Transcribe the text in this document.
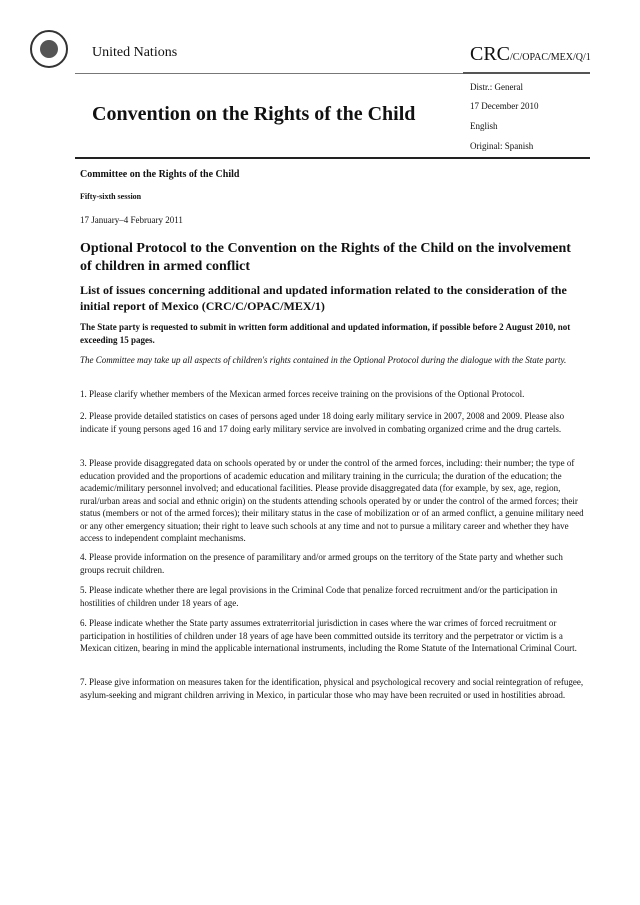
United Nations	CRC/C/OPAC/MEX/Q/1
Distr.: General
17 December 2010
English
Original: Spanish
Convention on the Rights of the Child
Committee on the Rights of the Child
Fifty-sixth session
17 January–4 February 2011
Optional Protocol to the Convention on the Rights of the Child on the involvement of children in armed conflict
List of issues concerning additional and updated information related to the consideration of the initial report of Mexico (CRC/C/OPAC/MEX/1)
The State party is requested to submit in written form additional and updated information, if possible before 2 August 2010, not exceeding 15 pages.
The Committee may take up all aspects of children's rights contained in the Optional Protocol during the dialogue with the State party.
1. Please clarify whether members of the Mexican armed forces receive training on the provisions of the Optional Protocol.
2. Please provide detailed statistics on cases of persons aged under 18 doing early military service in 2007, 2008 and 2009. Please also indicate if young persons aged 16 and 17 doing early military service are involved in combating organized crime and the drug cartels.
3. Please provide disaggregated data on schools operated by or under the control of the armed forces, including: their number; the type of education provided and the proportions of academic education and military training in the curricula; the duration of the education; the academic/military personnel involved; and educational facilities. Please provide disaggregated data (for example, by sex, age, region, rural/urban areas and social and ethnic origin) on the students attending schools operated by or under the control of the armed forces; their status (members or not of the armed forces); their military status in the case of mobilization or of an armed conflict, a genuine military need or any other emergency situation; their right to leave such schools at any time and not to pursue a military career and whether they have access to independent complaint mechanisms.
4. Please provide information on the presence of paramilitary and/or armed groups on the territory of the State party and whether such groups recruit children.
5. Please indicate whether there are legal provisions in the Criminal Code that penalize forced recruitment and/or the participation in hostilities of children under 18 years of age.
6. Please indicate whether the State party assumes extraterritorial jurisdiction in cases where the war crimes of forced recruitment or participation in hostilities of children under 18 years of age have been committed outside its territory and the perpetrator or victim is a Mexican citizen, bearing in mind the applicable international instruments, including the Rome Statute of the International Criminal Court.
7. Please give information on measures taken for the identification, physical and psychological recovery and social reintegration of refugee, asylum-seeking and migrant children arriving in Mexico, in particular those who may have been recruited or used in hostilities abroad.
